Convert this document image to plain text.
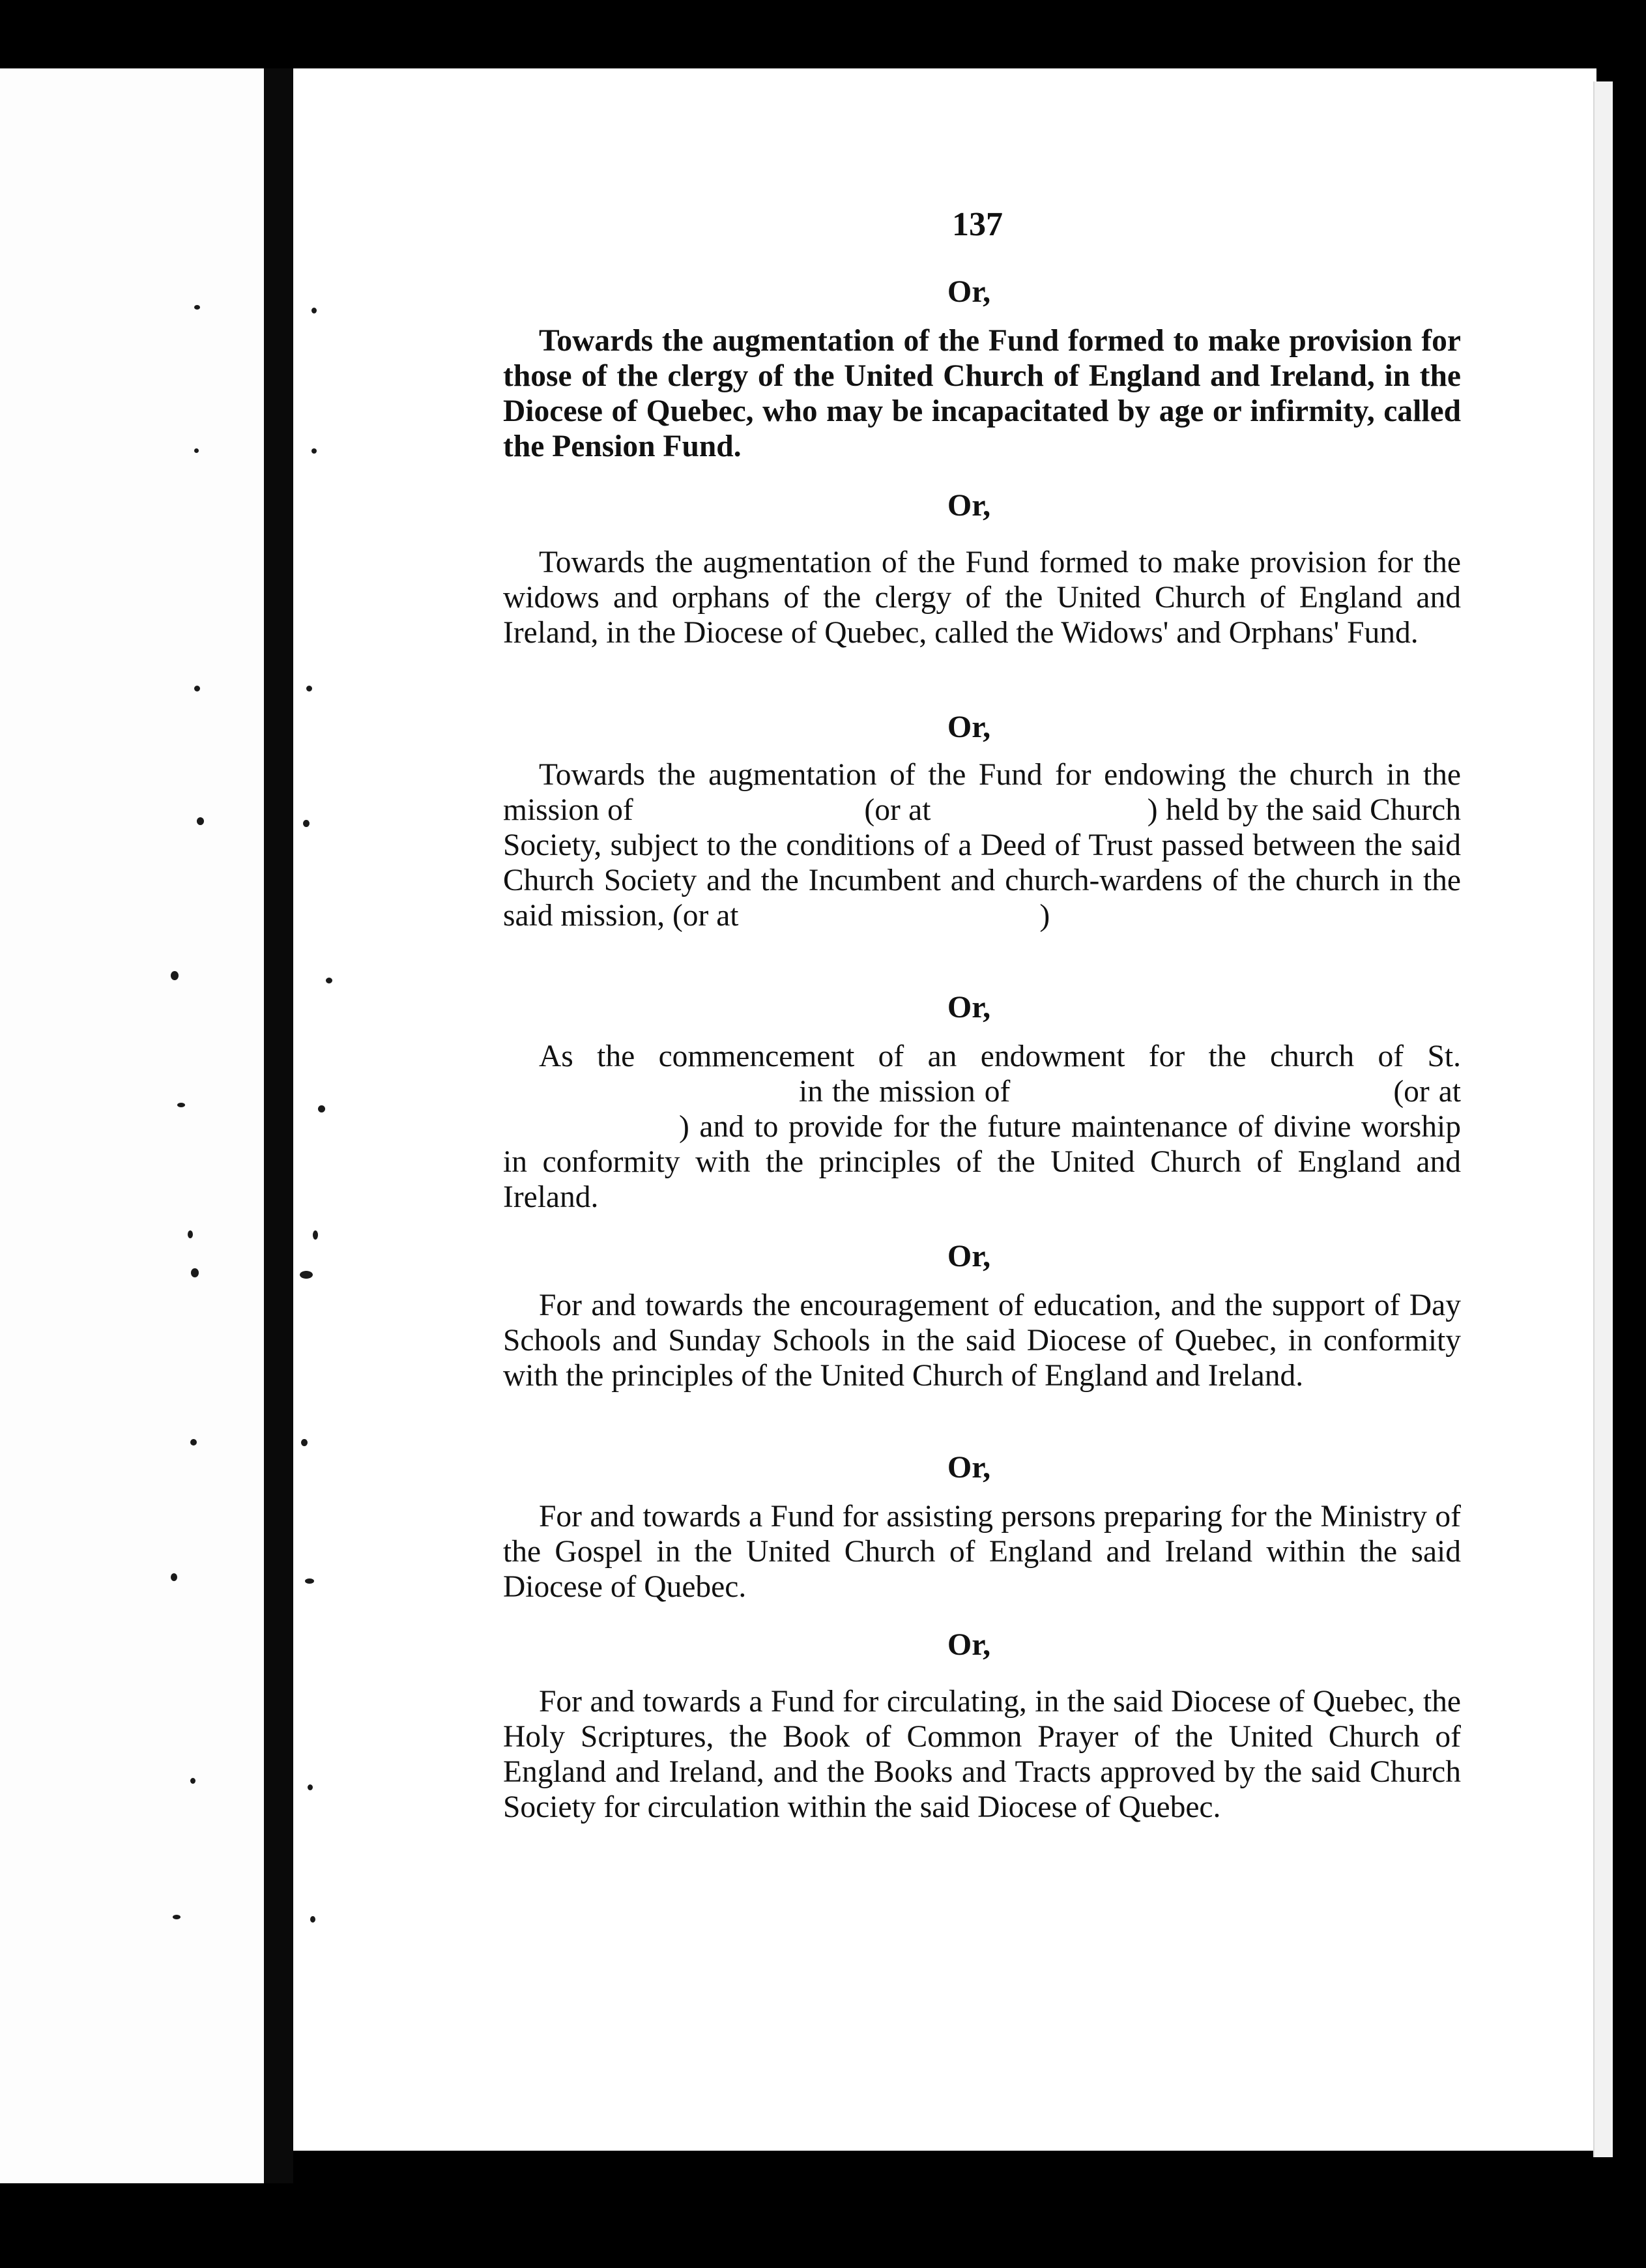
137
Or,

Towards the augmentation of the Fund formed to make provision for those of the clergy of the United Church of England and Ireland, in the Diocese of Quebec, who may be incapacitated by age or infirmity, called the Pension Fund.

Or,

Towards the augmentation of the Fund formed to make provision for the widows and orphans of the clergy of the United Church of England and Ireland, in the Diocese of Quebec, called the Widows' and Orphans' Fund.

Or,

Towards the augmentation of the Fund for endowing the church in the mission of	(or at	) held by the said Church Society, subject to the conditions of a Deed of Trust passed between the said Church Society and the Incumbent and church-wardens of the church in the said mission, (or at	)

Or,

As the commencement of an endowment for the church of St.  in the mission of	(or at ) and to provide for the future maintenance of divine worship in conformity with the principles of the United Church of England and Ireland.

Or,

For and towards the encouragement of education, and the support of Day Schools and Sunday Schools in the said Diocese of Quebec, in conformity with the principles of the United Church of England and Ireland.

Or,

For and towards a Fund for assisting persons preparing for the Ministry of the Gospel in the United Church of England and Ireland within the said Diocese of Quebec.

Or,

For and towards a Fund for circulating, in the said Diocese of Quebec, the Holy Scriptures, the Book of Common Prayer of the United Church of England and Ireland, and the Books and Tracts approved by the said Church Society for circulation within the said Diocese of Quebec.
